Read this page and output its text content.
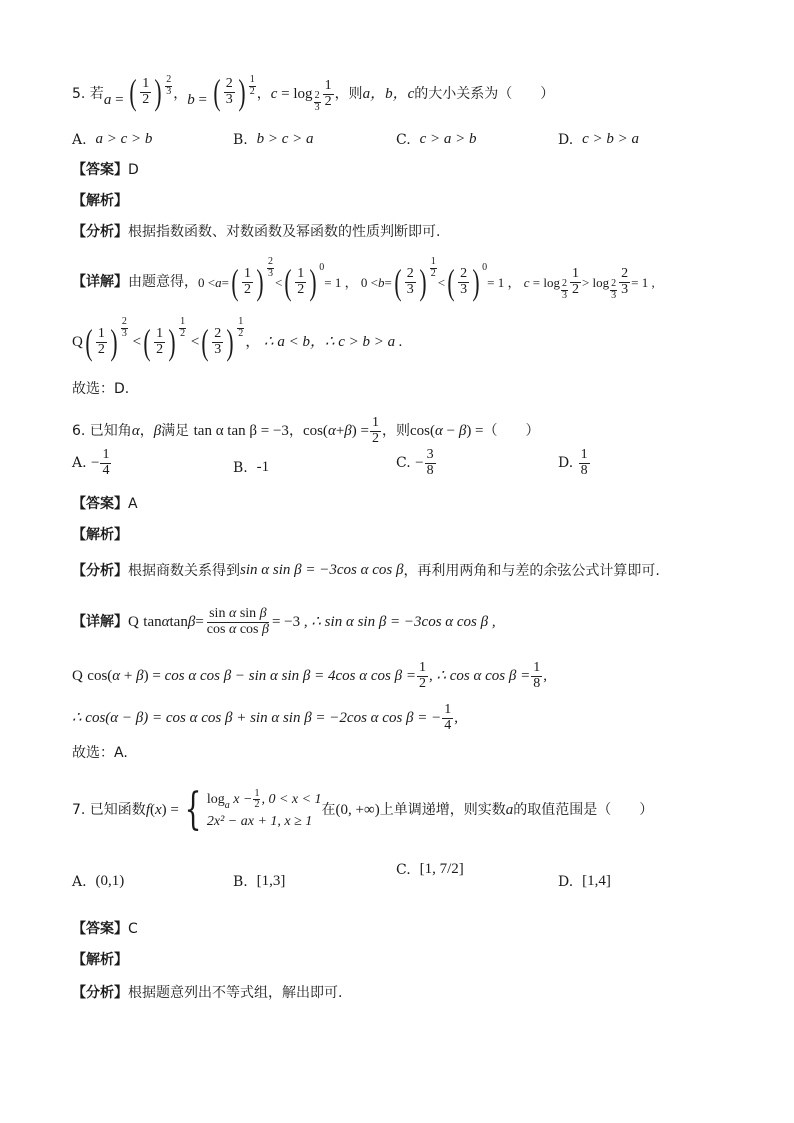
5. 若 a = ( $\frac{1}{2}$ ) $\frac{2}{3}$ ， b = ( $\frac{2}{3}$ ) $\frac{1}{2}$ ， $c = \log \frac{2}{3} \frac{1}{2}$ ，则 a，b，c 的大小关系为（　　）
A.
a > c > b	B.
b > c > a	C.
c > a > b	D.
c > b > a
【答案】 D
【解析】
【分析】 根据指数函数、对数函数及幂函数的性质判断即可.
【详解】 由题意得， 0 < a = ( $\frac{1}{2}$ ) $\frac{2}{3}$
< ( $\frac{1}{2}$ ) 0
= 1 ， 0 < b = ( $\frac{2}{3}$ ) $\frac{1}{2}$
< ( $\frac{2}{3}$ ) 0
= 1 ， $c = \log \frac{2}{3} \frac{1}{2} > \log \frac{2}{3} \frac{2}{3} = 1$ ,
Q ( $\frac{1}{2}$ ) $\frac{2}{3}$
< ( $\frac{1}{2}$ ) $\frac{1}{2}$
< ( $\frac{2}{3}$ ) $\frac{1}{2}$
， ∴ a < b，∴ c > b > a .
故选：D.
6. 已知角 α ， β 满足
tan α tan β = −3 ， cos( α + β ) = $\frac{1}{2}$ ，则 cos(α − β) = （　　）
A.
− $\frac{1}{4}$	B.
-1	C.
− $\frac{3}{8}$	D.
$\frac{1}{8}$
【答案】 A
【解析】
【分析】 根据商数关系得到 sin α sin β = −3cos α cos β ，再利用两角和与差的余弦公式计算即可.
【详解】 Q
tan α $\tan \beta = \frac{\text{sin α sin β}}{\text{cos α cos β}} = -3$ , ∴ sin α sin β = −3cos α cos β ,
Q
cos(α + β) = cos α cos β − sin α sin β = 4cos α $\cos \beta = \frac{1}{2}$ , ∴ cos α $\cos \beta = \frac{1}{8}$ ,
∴ cos(α − β) = cos α cos β + sin α sin β = −2cos α cos β = − $\frac{1}{4}$ ,
故选：A.
7. 已知函数 f(x) = { log a
$x - \frac{1}{2}$ , 0 < x < 1
2x² − ax + 1, x ≥ 1
在 (0, +∞) 上单调递增，则实数 a 的取值范围是（　　）
A.
(0,1)	B.
[1,3]
C.
[1, 7/2]
D.
[1,4]
【答案】 C
【解析】
【分析】 根据题意列出不等式组，解出即可.
